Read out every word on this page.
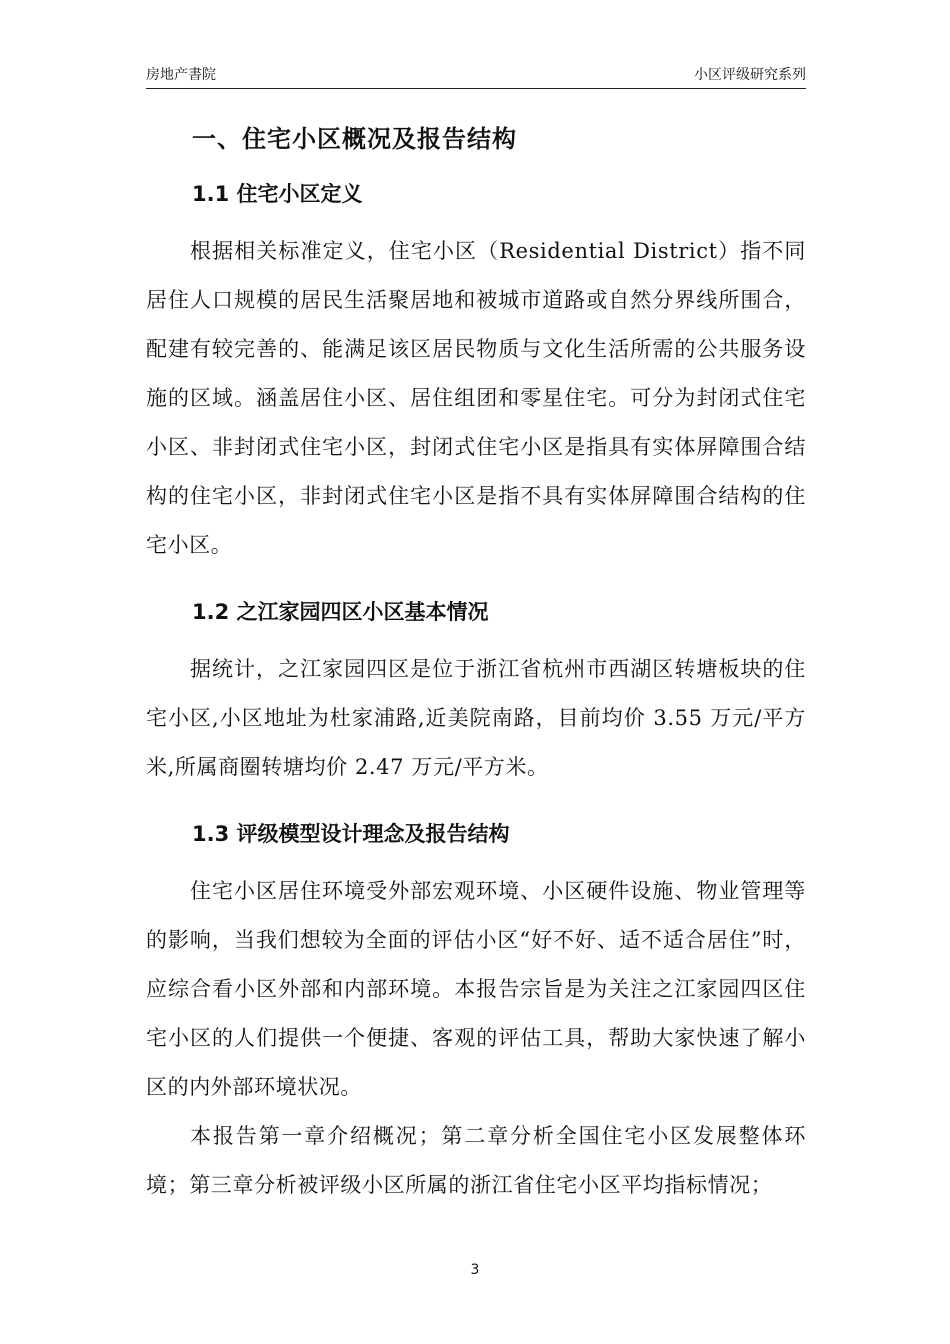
房地产書院	小区评级研究系列
一、住宅小区概况及报告结构
1.1 住宅小区定义

根据相关标准定义，住宅小区（Residential District）指不同居住人口规模的居民生活聚居地和被城市道路或自然分界线所围合，配建有较完善的、能满足该区居民物质与文化生活所需的公共服务设施的区域。涵盖居住小区、居住组团和零星住宅。可分为封闭式住宅小区、非封闭式住宅小区，封闭式住宅小区是指具有实体屏障围合结构的住宅小区，非封闭式住宅小区是指不具有实体屏障围合结构的住宅小区。

1.2 之江家园四区小区基本情况

据统计，之江家园四区是位于浙江省杭州市西湖区转塘板块的住宅小区,小区地址为杜家浦路,近美院南路，目前均价 3.55 万元/平方米,所属商圈转塘均价 2.47 万元/平方米。

1.3 评级模型设计理念及报告结构

住宅小区居住环境受外部宏观环境、小区硬件设施、物业管理等的影响，当我们想较为全面的评估小区“好不好、适不适合居住”时，应综合看小区外部和内部环境。本报告宗旨是为关注之江家园四区住宅小区的人们提供一个便捷、客观的评估工具，帮助大家快速了解小区的内外部环境状况。

本报告第一章介绍概况；第二章分析全国住宅小区发展整体环境；第三章分析被评级小区所属的浙江省住宅小区平均指标情况；

3
